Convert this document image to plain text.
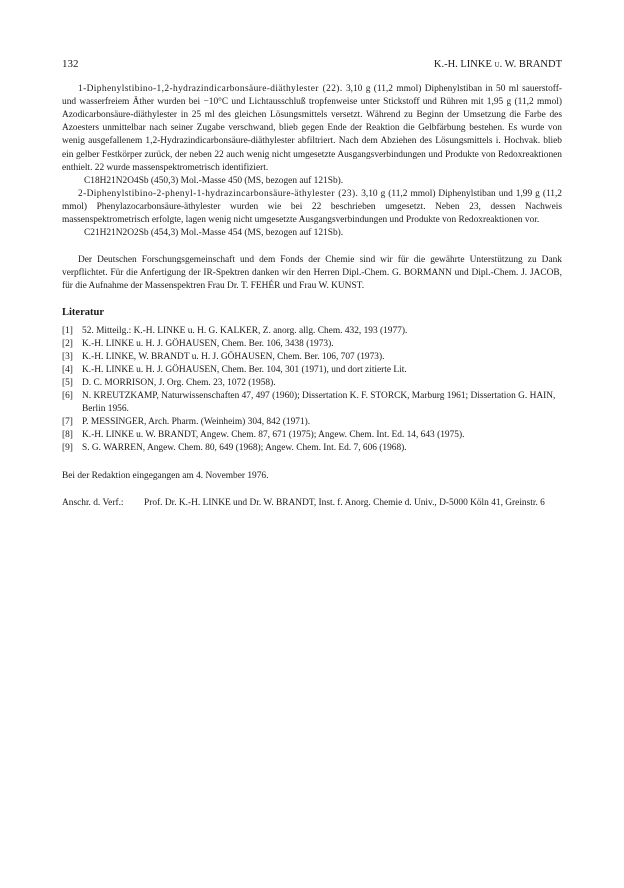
132	K.-H. LINKE u. W. BRANDT

1-Diphenylstibino-1,2-hydrazindicarbonsäure-diäthylester (22). 3,10 g (11,2 mmol) Diphenylstiban in 50 ml sauerstoff- und wasserfreiem Äther wurden bei −10°C und Lichtausschluß tropfenweise unter Stickstoff und Rühren mit 1,95 g (11,2 mmol) Azodicarbonsäure-diäthylester in 25 ml des gleichen Lösungsmittels versetzt. Während zu Beginn der Umsetzung die Farbe des Azoesters unmittelbar nach seiner Zugabe verschwand, blieb gegen Ende der Reaktion die Gelbfärbung bestehen. Es wurde von wenig ausgefallenem 1,2-Hydrazindicarbonsäure-diäthylester abfiltriert. Nach dem Abziehen des Lösungsmittels i. Hochvak. blieb ein gelber Festkörper zurück, der neben 22 auch wenig nicht umgesetzte Ausgangsverbindungen und Produkte von Redoxreaktionen enthielt. 22 wurde massenspektrometrisch identifiziert.

C18H21N2O4Sb (450,3) Mol.-Masse 450 (MS, bezogen auf 121Sb).

2-Diphenylstibino-2-phenyl-1-hydrazincarbonsäure-äthylester (23). 3,10 g (11,2 mmol) Diphenylstiban und 1,99 g (11,2 mmol) Phenylazocarbonsäure-äthylester wurden wie bei 22 beschrieben umgesetzt. Neben 23, dessen Nachweis massenspektrometrisch erfolgte, lagen wenig nicht umgesetzte Ausgangsverbindungen und Produkte von Redoxreaktionen vor.

C21H21N2O2Sb (454,3) Mol.-Masse 454 (MS, bezogen auf 121Sb).

Der Deutschen Forschungsgemeinschaft und dem Fonds der Chemie sind wir für die gewährte Unterstützung zu Dank verpflichtet. Für die Anfertigung der IR-Spektren danken wir den Herren Dipl.-Chem. G. BORMANN und Dipl.-Chem. J. JACOB, für die Aufnahme der Massenspektren Frau Dr. T. FEHÉR und Frau W. KUNST.

Literatur
[1] 52. Mitteilg.: K.-H. LINKE u. H. G. KALKER, Z. anorg. allg. Chem. 432, 193 (1977).
[2] K.-H. LINKE u. H. J. GÖHAUSEN, Chem. Ber. 106, 3438 (1973).
[3] K.-H. LINKE, W. BRANDT u. H. J. GÖHAUSEN, Chem. Ber. 106, 707 (1973).
[4] K.-H. LINKE u. H. J. GÖHAUSEN, Chem. Ber. 104, 301 (1971), und dort zitierte Lit.
[5] D. C. MORRISON, J. Org. Chem. 23, 1072 (1958).
[6] N. KREUTZKAMP, Naturwissenschaften 47, 497 (1960); Dissertation K. F. STORCK, Marburg 1961; Dissertation G. HAIN, Berlin 1956.
[7] P. MESSINGER, Arch. Pharm. (Weinheim) 304, 842 (1971).
[8] K.-H. LINKE u. W. BRANDT, Angew. Chem. 87, 671 (1975); Angew. Chem. Int. Ed. 14, 643 (1975).
[9] S. G. WARREN, Angew. Chem. 80, 649 (1968); Angew. Chem. Int. Ed. 7, 606 (1968).

Bei der Redaktion eingegangen am 4. November 1976.

Anschr. d. Verf.:	Prof. Dr. K.-H. LINKE und Dr. W. BRANDT, Inst. f. Anorg. Chemie d. Univ., D-5000 Köln 41, Greinstr. 6
